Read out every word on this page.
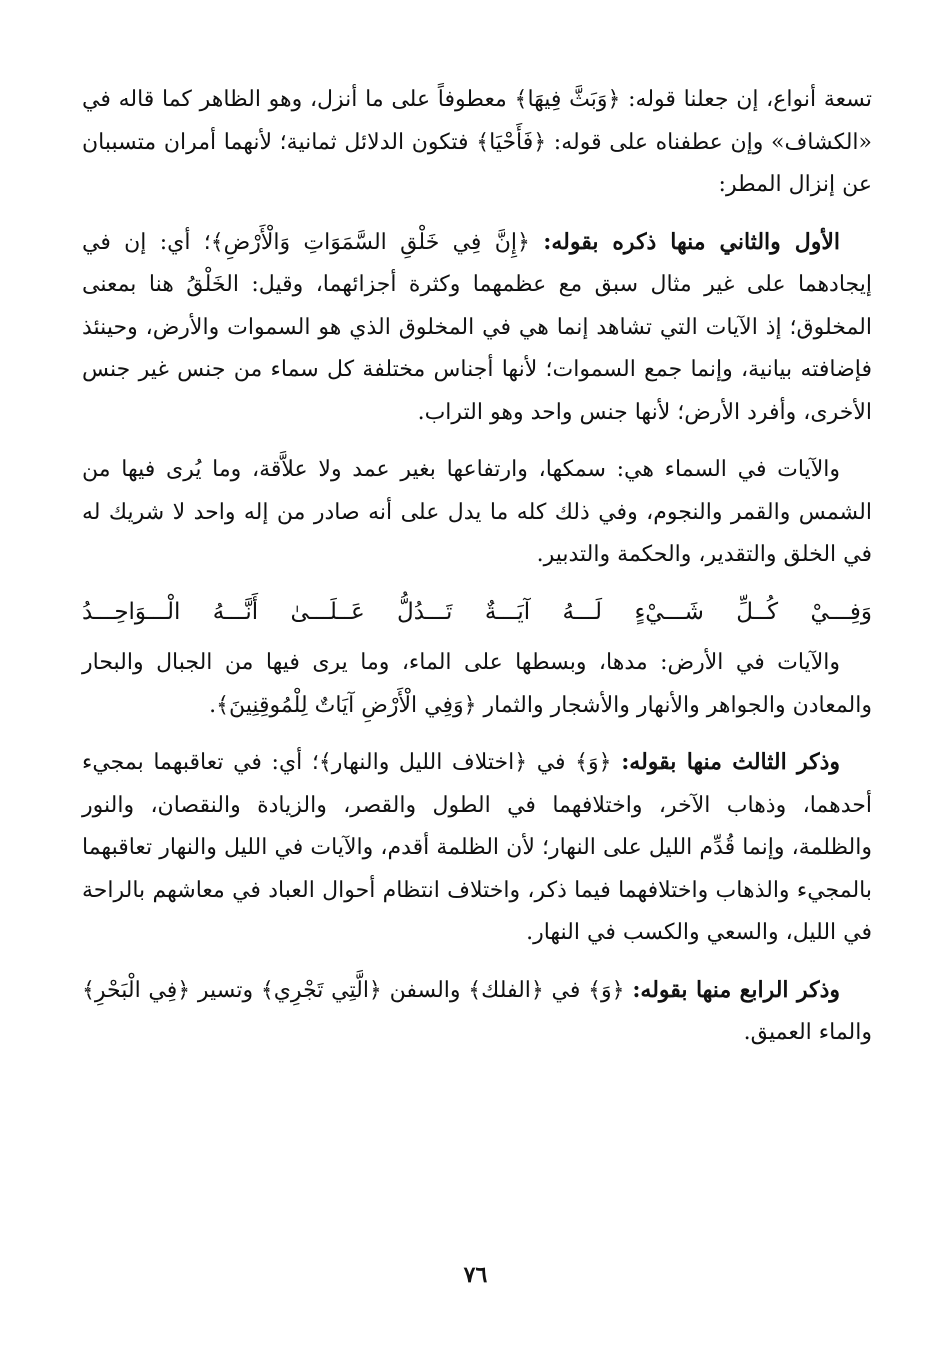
تسعة أنواع، إن جعلنا قوله: ﴿وَبَثَّ فِيهَا﴾ معطوفاً على ما أنزل، وهو الظاهر كما قاله في «الكشاف» وإن عطفناه على قوله: ﴿فَأَحْيَا﴾ فتكون الدلائل ثمانية؛ لأنهما أمران متسببان عن إنزال المطر:

الأول والثاني منها ذكره بقوله: ﴿إِنَّ فِي خَلْقِ السَّمَوَاتِ وَالْأَرْضِ﴾؛ أي: إن في إيجادهما على غير مثال سبق مع عظمهما وكثرة أجزائهما، وقيل: الخَلْقُ هنا بمعنى المخلوق؛ إذ الآيات التي تشاهد إنما هي في المخلوق الذي هو السموات والأرض، وحينئذ فإضافته بيانية، وإنما جمع السموات؛ لأنها أجناس مختلفة كل سماء من جنس غير جنس الأخرى، وأفرد الأرض؛ لأنها جنس واحد وهو التراب.

والآيات في السماء هي: سمكها، وارتفاعها بغير عمد ولا علاَّقة، وما يُرى فيها من الشمس والقمر والنجوم، وفي ذلك كله ما يدل على أنه صادر من إله واحد لا شريك له في الخلق والتقدير، والحكمة والتدبير.

وَفِـــيْ
كُــلِّ
شَـــيْءٍ
لَـــهُ
آيَـــةٌ
تَـــدُلُّ
عَــلَـــىٰ
أَنَّـــهُ
الْـــوَاحِـــدُ

والآيات في الأرض: مدها، وبسطها على الماء، وما يرى فيها من الجبال والبحار والمعادن والجواهر والأنهار والأشجار والثمار ﴿وَفِي الْأَرْضِ آيَاتٌ لِلْمُوقِنِينَ﴾.

وذكر الثالث منها بقوله: ﴿وَ﴾ في ﴿اختلاف الليل والنهار﴾؛ أي: في تعاقبهما بمجيء أحدهما، وذهاب الآخر، واختلافهما في الطول والقصر، والزيادة والنقصان، والنور والظلمة، وإنما قُدِّم الليل على النهار؛ لأن الظلمة أقدم، والآيات في الليل والنهار تعاقبهما بالمجيء والذهاب واختلافهما فيما ذكر، واختلاف انتظام أحوال العباد في معاشهم بالراحة في الليل، والسعي والكسب في النهار.

وذكر الرابع منها بقوله: ﴿وَ﴾ في ﴿الفلك﴾ والسفن ﴿الَّتِي تَجْرِي﴾ وتسير ﴿فِي الْبَحْرِ﴾ والماء العميق.

٧٦
